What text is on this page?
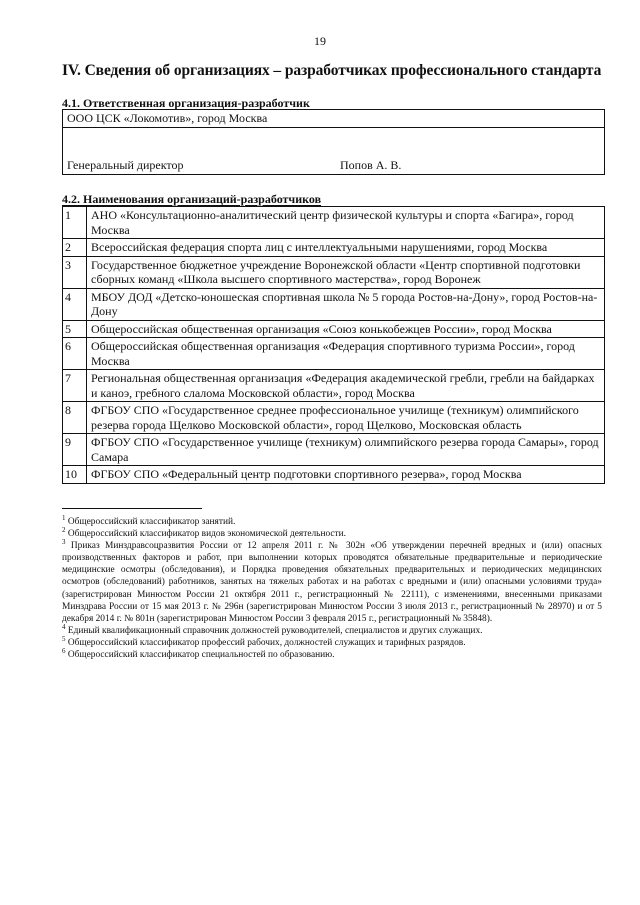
19
IV. Сведения об организациях – разработчиках профессионального стандарта
4.1. Ответственная организация-разработчик
ООО ЦСК «Локомотив», город Москва

Генеральный директор	Попов А. В.
4.2. Наименования организаций-разработчиков
1	АНО «Консультационно-аналитический центр физической культуры и спорта «Багира», город Москва
2	Всероссийская федерация спорта лиц с интеллектуальными нарушениями, город Москва
3	Государственное бюджетное учреждение Воронежской области «Центр спортивной подготовки сборных команд «Школа высшего спортивного мастерства», город Воронеж
4	МБОУ ДОД «Детско-юношеская спортивная школа № 5 города Ростов-на-Дону», город Ростов-на-Дону
5	Общероссийская общественная организация «Союз конькобежцев России», город Москва
6	Общероссийская общественная организация «Федерация спортивного туризма России», город Москва
7	Региональная общественная организация «Федерация академической гребли, гребли на байдарках и каноэ, гребного слалома Московской области», город Москва
8	ФГБОУ СПО «Государственное среднее профессиональное училище (техникум) олимпийского резерва города Щелково Московской области», город Щелково, Московская область
9	ФГБОУ СПО «Государственное училище (техникум) олимпийского резерва города Самары», город Самара
10	ФГБОУ СПО «Федеральный центр подготовки спортивного резерва», город Москва

$^1$ Общероссийский классификатор занятий.

$^2$ Общероссийский классификатор видов экономической деятельности.

$^3$ Приказ Минздравсоцразвития России от 12 апреля 2011 г. № 302н «Об утверждении перечней вредных и (или) опасных производственных факторов и работ, при выполнении которых проводятся обязательные предварительные и периодические медицинские осмотры (обследования), и Порядка проведения обязательных предварительных и периодических медицинских осмотров (обследований) работников, занятых на тяжелых работах и на работах с вредными и (или) опасными условиями труда» (зарегистрирован Минюстом России 21 октября 2011 г., регистрационный № 22111), с изменениями, внесенными приказами Минздрава России от 15 мая 2013 г. № 296н (зарегистрирован Минюстом России 3 июля 2013 г., регистрационный № 28970) и от 5 декабря 2014 г. № 801н (зарегистрирован Минюстом России 3 февраля 2015 г., регистрационный № 35848).

$^4$ Единый квалификационный справочник должностей руководителей, специалистов и других служащих.

$^5$ Общероссийский классификатор профессий рабочих, должностей служащих и тарифных разрядов.

$^6$ Общероссийский классификатор специальностей по образованию.
